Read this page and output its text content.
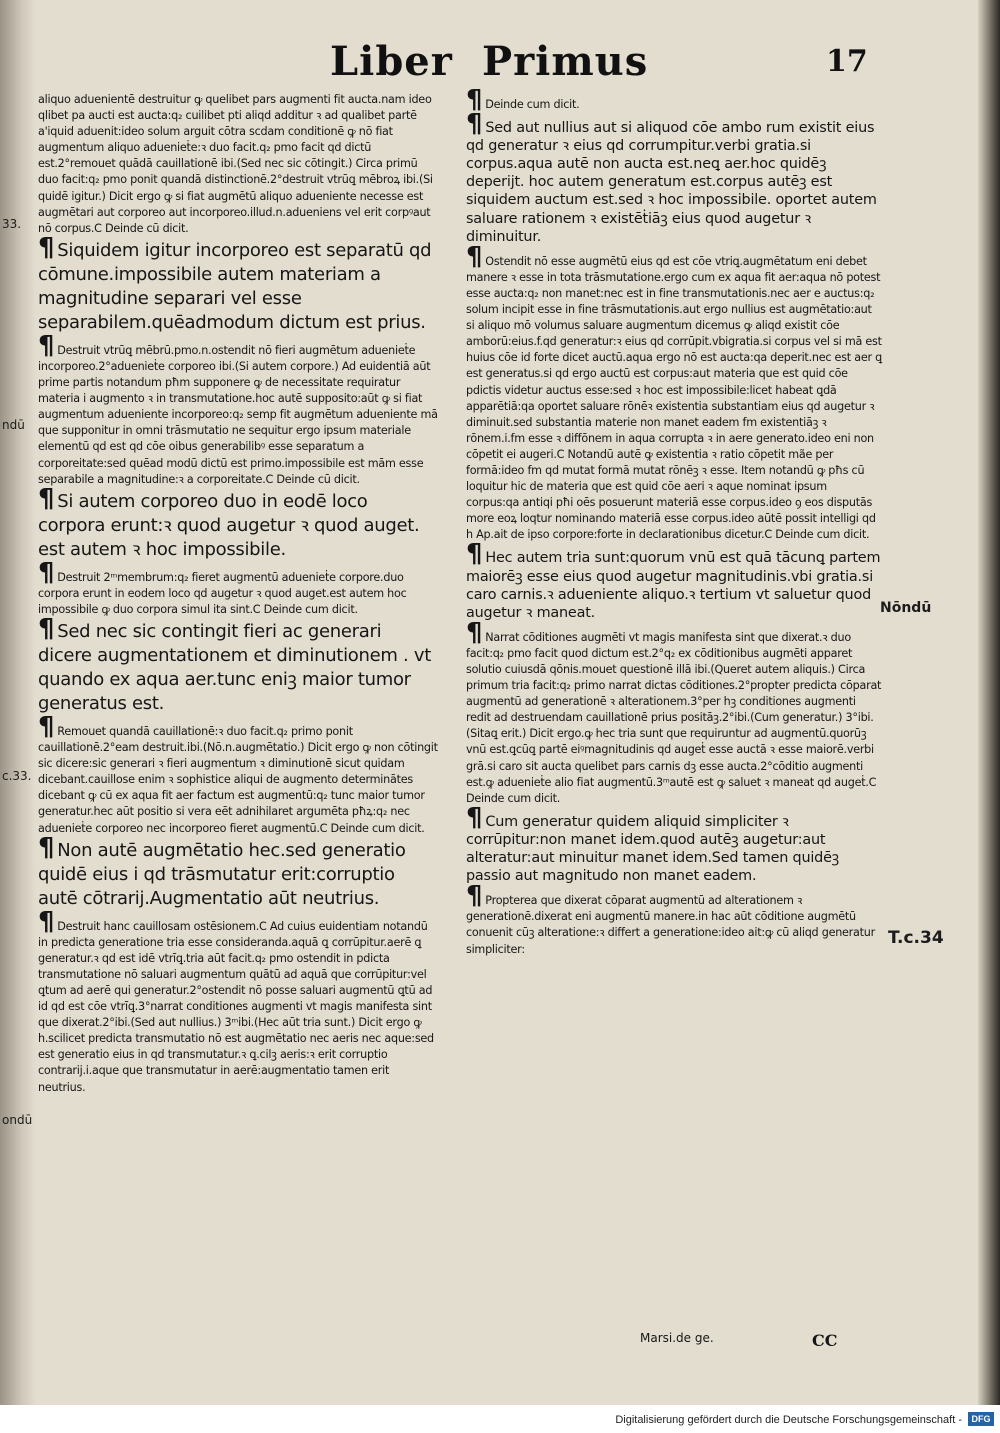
Liber Primus	17

aliquo aduenientē destruitur ꝙ quelibet pars augmenti fit aucta.nam ideo qlibet pa aucti est aucta:q₂ cuilibet pti aliqd additur ꝛ ad qualibet partē a'iquid aduenit:ideo solum arguit cōtra scdam conditionē ꝙ nō fiat augmentum aliquo aduenieṫe:ꝛ duo facit.q₂ pmo facit qd dictū est.2°remouet quādā cauillationē ibi.(Sed nec sic cōtingit.) Circa primū duo facit:q₂ pmo ponit quandā distinctionē.2°destruit vtrūꝗ mēbroꝝ ibi.(Si quidē igitur.) Dicit ergo ꝙ si fiat augmētū aliquo adueniente necesse est augmētari aut corporeo aut incorporeo.illud.n.adueniens vel erit corpꝰaut nō corpus.C Deinde cū dicit.

¶ Siquidem igitur incorporeo est separatū qd cōmune.impossibile autem materiam a magnitudine separari vel esse separabilem.quēadmodum dictum est prius.

¶ Destruit vtrūꝗ mēbrū.pmo.n.ostendit nō fieri augmētum aduenieṫe incorporeo.2°aduenieṫe corporeo ibi.(Si autem corpore.) Ad euidentiā aūt prime partis notandum pħm supponere ꝙ de necessitate requiratur materia i augmento ꝛ in transmutatione.hoc autē supposito:aūt ꝙ si fiat augmentum adueniente incorporeo:q₂ semp fit augmētum adueniente mā que supponitur in omni trāsmutatio ne sequitur ergo ipsum materiale elementū qd est qd cōe oibus generabilibꝰ esse separatum a corporeitate:sed quēad modū dictū est primo.impossibile est mām esse separabile a magnitudine:ꝛ a corporeitate.C Deinde cū dicit.

¶ Si autem corporeo duo in eodē loco corpora erunt:ꝛ quod augetur ꝛ quod auget. est autem ꝛ hoc impossibile.

¶ Destruit 2ᵐmembrum:q₂ fieret augmentū aduenieṫe corpore.duo corpora erunt in eodem loco qd augetur ꝛ quod auget.est autem hoc impossibile ꝙ duo corpora simul ita sint.C Deinde cum dicit.

¶ Sed nec sic contingit fieri ac generari dicere augmentationem et diminutionem . vt quando ex aqua aer.tunc eniꝫ maior tumor generatus est.

¶ Remouet quandā cauillationē:ꝛ duo facit.q₂ primo ponit cauillationē.2°eam destruit.ibi.(Nō.n.augmētatio.) Dicit ergo ꝙ non cōtingit sic dicere:sic generari ꝛ fieri augmentum ꝛ diminutionē sicut quidam dicebant.cauillose enim ꝛ sophistice aliqui de augmento determinātes dicebant ꝙ cū ex aqua fit aer factum est augmentū:q₂ tunc maior tumor generatur.hec aūt positio si vera eēt adnihilaret argumēta pħꝝ:q₂ nec aduenieṫe corporeo nec incorporeo fieret augmentū.C Deinde cum dicit.

¶ Non autē augmētatio hec.sed generatio quidē eius i qd trāsmutatur erit:corruptio autē cōtrarij.Augmentatio aūt neutrius.

¶ Destruit hanc cauillosam ostēsionem.C Ad cuius euidentiam notandū in predicta generatione tria esse consideranda.aquā ꝗ corrūpitur.aerē ꝗ generatur.ꝛ qd est idē vtrīꝗ.tria aūt facit.q₂ pmo ostendit in pdicta transmutatione nō saluari augmentum quātū ad aquā que corrūpitur:vel ꝗtum ad aerē qui generatur.2°ostendit nō posse saluari augmentū ꝗtū ad id qd est cōe vtrīꝗ.3°narrat conditiones augmenti vt magis manifesta sint que dixerat.2°ibi.(Sed aut nullius.) 3ᵐibi.(Hec aūt tria sunt.) Dicit ergo ꝙ h.scilicet predicta transmutatio nō est augmētatio nec aeris nec aque:sed est generatio eius in qd transmutatur.ꝛ ꝗ.cilꝫ aeris:ꝛ erit corruptio contrarij.i.aque que transmutatur in aerē:augmentatio tamen erit neutrius.

¶ Deinde cum dicit.

¶ Sed aut nullius aut si aliquod cōe ambo rum existit eius qd generatur ꝛ eius qd corrumpitur.verbi gratia.si corpus.aqua autē non aucta est.neꝗ aer.hoc quidēꝫ deperijt. hoc autem generatum est.corpus autēꝫ est siquidem auctum est.sed ꝛ hoc impossibile. oportet autem saluare rationem ꝛ existēṫiāꝫ eius quod augetur ꝛ diminuitur.

¶ Ostendit nō esse augmētū eius qd est cōe vtriꝗ.augmētatum eni debet manere ꝛ esse in tota trāsmutatione.ergo cum ex aqua fit aer:aqua nō potest esse aucta:q₂ non manet:nec est in fine transmutationis.nec aer e auctus:q₂ solum incipit esse in fine trāsmutationis.aut ergo nullius est augmētatio:aut si aliquo mō volumus saluare augmentum dicemus ꝙ aliqd existit cōe amborū:eius.f.qd generatur:ꝛ eius qd corrūpit.vbigratia.si corpus vel si mā est huius cōe id forte dicet auctū.aqua ergo nō est aucta:qa deperit.nec est aer ꝗ est generatus.si qd ergo auctū est corpus:aut materia que est quid cōe pdictis videtur auctus esse:sed ꝛ hoc est impossibile:licet habeat ꝗdā apparētiā:qa oportet saluare rōnēꝛ existentia substantiam eius qd augetur ꝛ diminuit.sed substantia materie non manet eadem fm existentiāꝫ ꝛ rōnem.i.fm esse ꝛ diffōnem in aqua corrupta ꝛ in aere generato.ideo eni non cōpetit ei augeri.C Notandū autē ꝙ existentia ꝛ ratio cōpetit mãe per formā:ideo fm qd mutat formā mutat rōnēꝫ ꝛ esse. Item notandū ꝙ pħs cū loquitur hic de materia que est quid cōe aeri ꝛ aque nominat ipsum corpus:qa antiqi pħi oēs posuerunt materiā esse corpus.ideo ꝯ eos disputās more eoꝝ loqtur nominando materiā esse corpus.ideo aūtē possit intelligi qd h Ap.ait de ipso corpore:forte in declarationibus dicetur.C Deinde cum dicit.

¶ Hec autem tria sunt:quorum vnū est quā tācunꝗ partem maiorēꝫ esse eius quod augetur magnitudinis.vbi gratia.si caro carnis.ꝛ adueniente aliquo.ꝛ tertium vt saluetur quod augetur ꝛ maneat.

¶ Narrat cōditiones augmēti vt magis manifesta sint que dixerat.ꝛ duo facit:q₂ pmo facit quod dictum est.2°q₂ ex cōditionibus augmēti apparet solutio cuiusdā qōnis.mouet questionē illā ibi.(Queret autem aliquis.) Circa primum tria facit:q₂ primo narrat dictas cōditiones.2°propter predicta cōparat augmentū ad generationē ꝛ alterationem.3°per hꝫ conditiones augmenti redit ad destruendam cauillationē prius positāꝫ.2°ibi.(Cum generatur.) 3°ibi.(Sitaꝗ erit.) Dicit ergo.ꝙ hec tria sunt que requiruntur ad augmentū.quorūꝫ vnū est.ꝗcūꝗ partē eiꝰmagnitudinis qd augeṫ esse auctā ꝛ esse maiorē.verbi grā.si caro sit aucta quelibet pars carnis dꝫ esse aucta.2°cōditio augmenti est.ꝙ aduenieṫe alio fiat augmentū.3ᵐautē est ꝙ saluet ꝛ maneat qd augeṫ.C Deinde cum dicit.

¶ Cum generatur quidem aliquid simpliciter ꝛ corrūpitur:non manet idem.quod autēꝫ augetur:aut alteratur:aut minuitur manet idem.Sed tamen quidēꝫ passio aut magnitudo non manet eadem.

¶ Propterea que dixerat cōparat augmentū ad alterationem ꝛ generationē.dixerat eni augmentū manere.in hac aūt cōditione augmētū conuenit cūꝫ alteratione:ꝛ differt a generatione:ideo ait:ꝙ cū aliqd generatur simpliciter:

33.
ndū
c.33.
ondū
Nōndū
T.c.34
Marsi.de ge.	CC
Digitalisierung gefördert durch die Deutsche Forschungsgemeinschaft -	DFG
